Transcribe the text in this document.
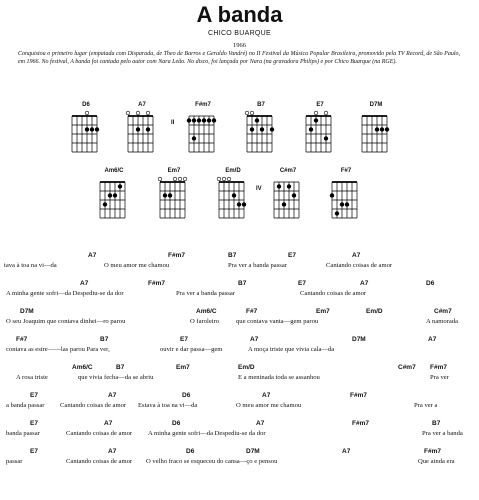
A banda
CHICO BUARQUE
1966
Conquistou o primeiro lugar (empatada com Disparada, de Theo de Barros e Geraldo Vandré) no II Festival da Música Popular Brasileira, promovido pela TV Record, de São Paulo, em 1966. No festival, A banda foi cantada pelo autor com Nara Leão. No disco, foi lançada por Nara (na gravadora Philips) e por Chico Buarque (na RGE).
D6	A7	F#m7
II
B7	E7	D7M
Am6/C	Em7	Em/D	C#m7
IV
F#7
A7	F#m7	B7	E7	A7
tava à toa na vi—da	O meu amor me chamou	Pra ver a banda passar	Cantando coisas de amor
A7	F#m7	B7	E7	A7	D6
A minha gente sofri—da Despediu-se da dor	Pra ver a banda passar	Cantando coisas de amor
D7M	Am6/C	F#7	Em7	Em/D	C#m7
O seu Joaquim que contava dinhei—ro parou	O faroleiro	que contava vanta—gem parou	A namorada
F#7	B7	E7	A7	D7M	A7
contava as estre——las parou Para ver,	ouvir e dar passa—gem	A moça triste que vivia cala—da
Am6/C	B7	Em7	Em/D	C#m7 F#m7
A rosa triste	que vivia fecha—da se abriu	E a meninada toda se assanhou	Pra ver
E7	A7	D6	A7	F#m7
a banda passar Cantando coisas de amor Estava à toa na vi—da	O meu amor me chamou	Pra ver a
E7	A7	D6	A7	F#m7	B7
banda passar	Cantando coisas de amor A minha gente sofri—da Despediu-se da dor	Pra ver a banda
E7	A7	D6	D7M	A7	F#m7
passar	Cantando coisas de amor O velho fraco se esqueceu do cansa—ço e pensou	Que ainda era
